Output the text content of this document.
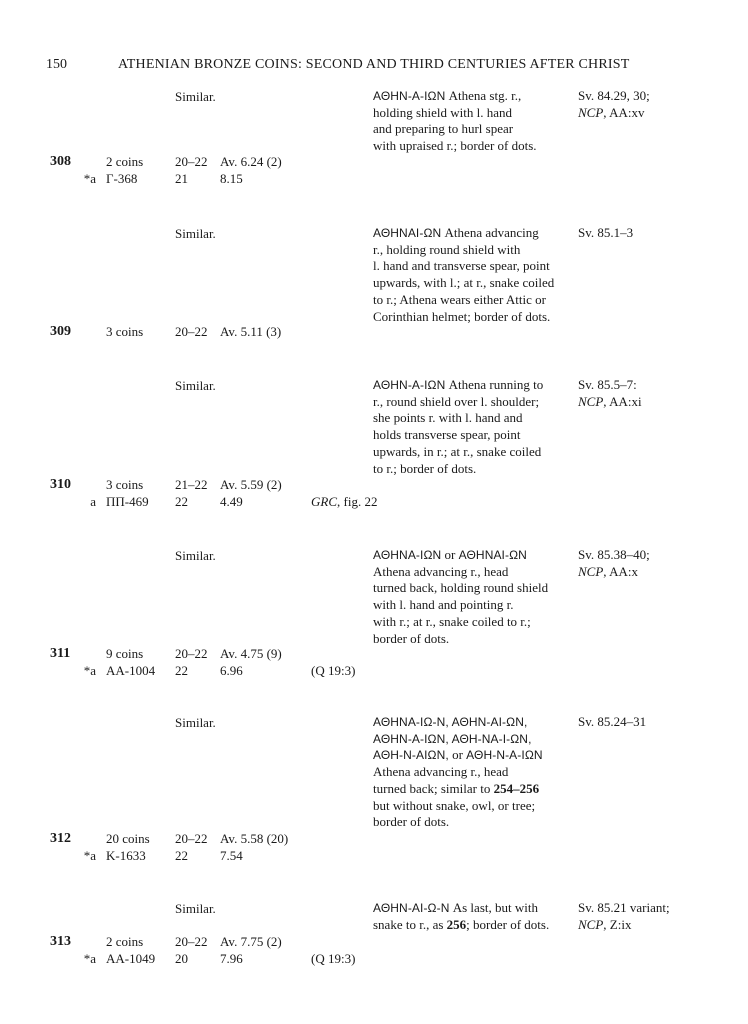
150	ATHENIAN BRONZE COINS: SECOND AND THIRD CENTURIES AFTER CHRIST
Similar.	ΑΘΗΝ-Α-ΙΩΝ Athena stg. r.,
holding shield with l. hand
and preparing to hurl spear
with upraised r.; border of dots.
Sv. 84.29, 30;
NCP, AA:xv
308	2 coins 20–22 Av. 6.24 (2)
*a Γ-368	21 8.15
Similar.	ΑΘΗΝΑΙ-ΩΝ Athena advancing
r., holding round shield with
l. hand and transverse spear, point
upwards, with l.; at r., snake coiled
to r.; Athena wears either Attic or
Corinthian helmet; border of dots.
Sv. 85.1–3
309	3 coins 20–22 Av. 5.11 (3)
Similar.	ΑΘΗΝ-Α-ΙΩΝ Athena running to
r., round shield over l. shoulder;
she points r. with l. hand and
holds transverse spear, point
upwards, in r.; at r., snake coiled
to r.; border of dots.
Sv. 85.5–7:
NCP, AA:xi
310	3 coins 21–22 Av. 5.59 (2)
a ΠΠ-469 22 4.49	GRC, fig. 22
Similar.	ΑΘΗΝΑ-ΙΩΝ or ΑΘΗΝΑΙ-ΩΝ
Athena advancing r., head
turned back, holding round shield
with l. hand and pointing r.
with r.; at r., snake coiled to r.;
border of dots.
Sv. 85.38–40;
NCP, AA:x
311	9 coins 20–22 Av. 4.75 (9)
*a AA-1004 22 6.96	(Q 19:3)
Similar.	ΑΘΗΝΑ-ΙΩ-Ν, ΑΘΗΝ-ΑΙ-ΩΝ,
ΑΘΗΝ-Α-ΙΩΝ, ΑΘΗ-ΝΑ-Ι-ΩΝ,
ΑΘΗ-Ν-ΑΙΩΝ, or ΑΘΗ-Ν-Α-ΙΩΝ
Athena advancing r., head
turned back; similar to 254–256
but without snake, owl, or tree;
border of dots.
Sv. 85.24–31
312	20 coins 20–22 Av. 5.58 (20)
*a K-1633 22 7.54
Similar.	ΑΘΗΝ-ΑΙ-Ω-Ν As last, but with
snake to r., as 256; border of dots.
Sv. 85.21 variant;
NCP, Z:ix
313	2 coins 20–22 Av. 7.75 (2)
*a AA-1049 20 7.96	(Q 19:3)
